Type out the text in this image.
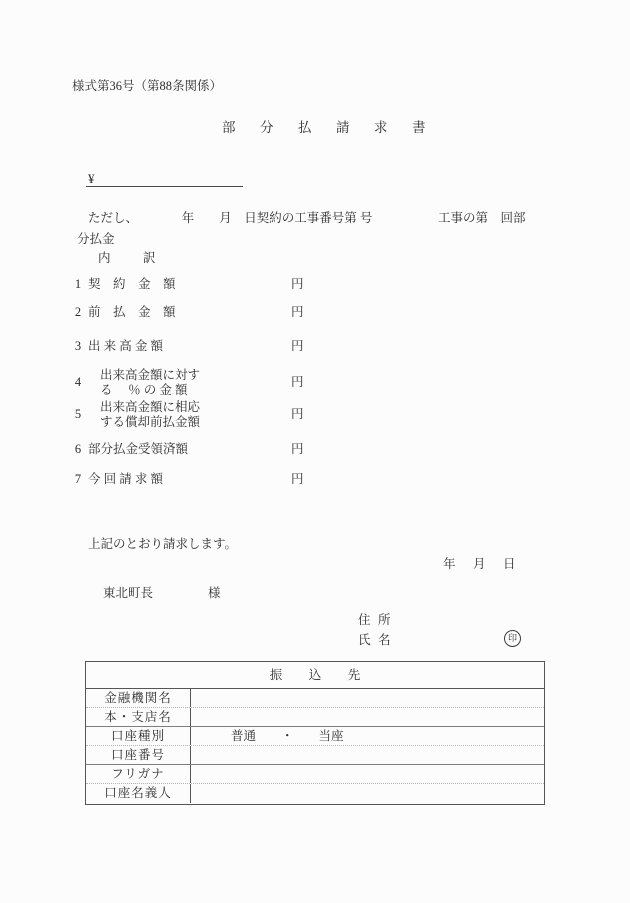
様式第36号（第88条関係）
部分払請求書

¥

ただし、　　　　年　　月　日契約の工事番号第 号　　　　　 工事の第　回部
分払金
内訳
1 契　約　金　額	円
2 前　払　金　額	円
3 出 来 高 金 額	円
4 出来高金額に対す
る　 ％ の 金 額
円
5 出来高金額に相応
する償却前払金額
円
6 部分払金受領済額	円
7 今 回 請 求 額	円
上記のとおり請求します。
年　月　日
東北町長	様
住所
氏名	印
振込先
金融機関名
本・支店名
口座種別	普通　　・　　当座
口座番号
フリガナ
口座名義人
